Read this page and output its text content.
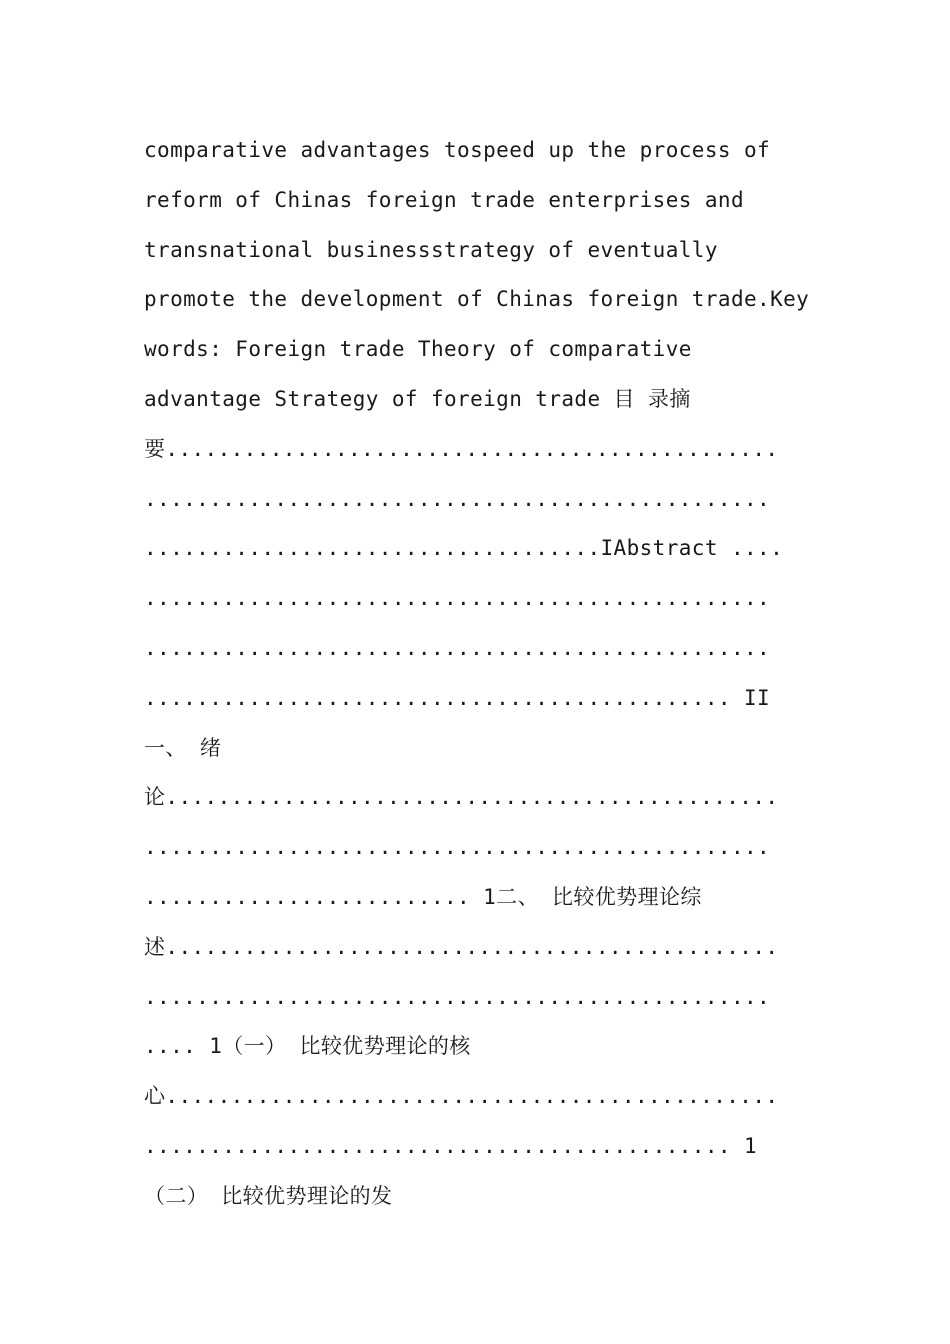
comparative advantages tospeed up the process of
reform of Chinas foreign trade enterprises and
transnational businessstrategy of eventually
promote the development of Chinas foreign trade.Key
words: Foreign trade Theory of comparative
advantage Strategy of foreign trade 目 录摘
要...............................................
................................................
...................................IAbstract ....
................................................
................................................
............................................. II
一、 绪
论...............................................
................................................
......................... 1二、 比较优势理论综
述...............................................
................................................
.... 1（一） 比较优势理论的核
心...............................................
............................................. 1
（二） 比较优势理论的发
